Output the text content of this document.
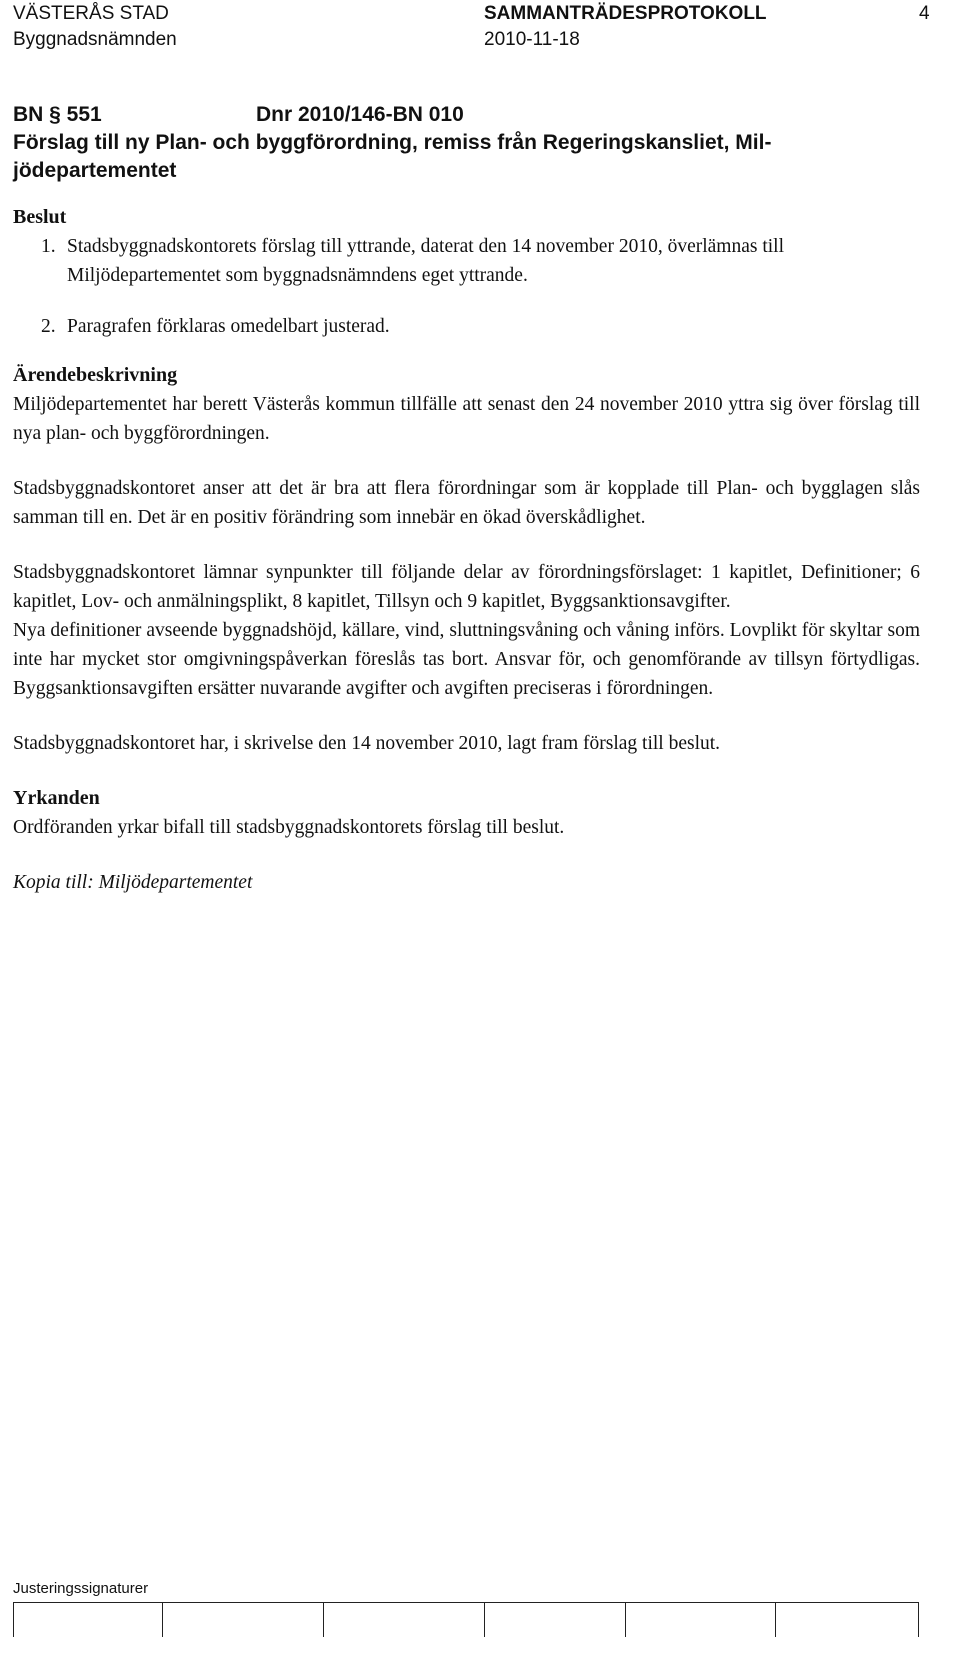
VÄSTERÅS STAD	SAMMANTRÄDESPROTOKOLL	4
Byggnadsnämnden	2010-11-18
BN § 551	Dnr 2010/146-BN 010
Förslag till ny Plan- och byggförordning, remiss från Regeringskansliet, Mil-
jödepartementet

Beslut

1. Stadsbyggnadskontorets förslag till yttrande, daterat den 14 november 2010, överlämnas till Miljödepartementet som byggnadsnämndens eget yttrande.
2. Paragrafen förklaras omedelbart justerad.

Ärendebeskrivning

Miljödepartementet har berett Västerås kommun tillfälle att senast den 24 november 2010 yttra sig över förslag till nya plan- och byggförordningen.

Stadsbyggnadskontoret anser att det är bra att flera förordningar som är kopplade till Plan- och bygglagen slås samman till en. Det är en positiv förändring som innebär en ökad överskådlighet.

Stadsbyggnadskontoret lämnar synpunkter till följande delar av förordningsförslaget: 1 kapitlet, Definitioner; 6 kapitlet, Lov- och anmälningsplikt, 8 kapitlet, Tillsyn och 9 kapitlet, Byggsanktionsavgifter.

Nya definitioner avseende byggnadshöjd, källare, vind, sluttningsvåning och våning införs. Lovplikt för skyltar som inte har mycket stor omgivningspåverkan föreslås tas bort. Ansvar för, och genomförande av tillsyn förtydligas. Byggsanktionsavgiften ersätter nuvarande avgifter och avgiften preciseras i förordningen.

Stadsbyggnadskontoret har, i skrivelse den 14 november 2010, lagt fram förslag till beslut.

Yrkanden

Ordföranden yrkar bifall till stadsbyggnadskontorets förslag till beslut.

Kopia till: Miljödepartementet

Justeringssignaturer
